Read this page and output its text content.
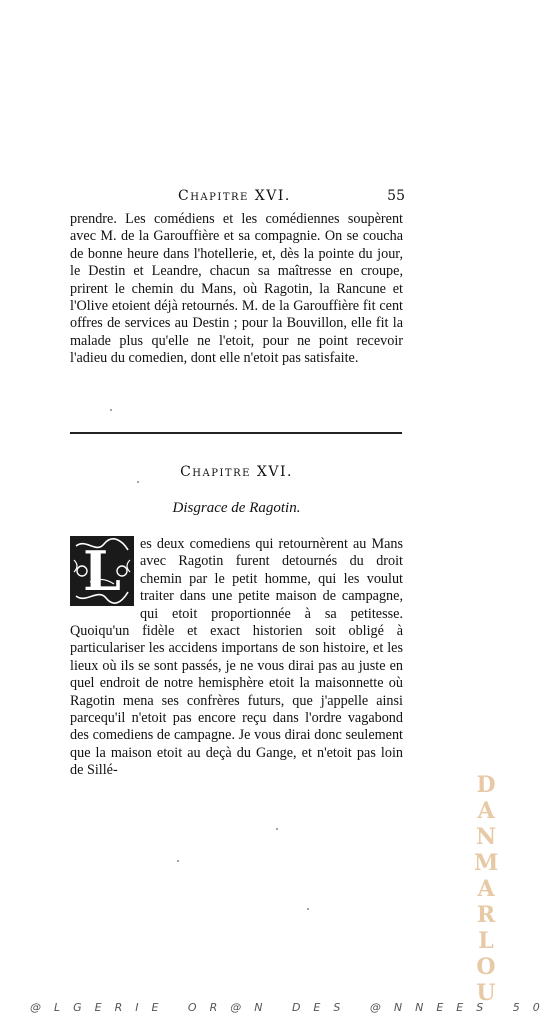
Chapitre XVI.	55

prendre. Les comédiens et les comédiennes soupèrent avec M. de la Garouffière et sa compagnie. On se coucha de bonne heure dans l'hotellerie, et, dès la pointe du jour, le Destin et Leandre, chacun sa maîtresse en croupe, prirent le chemin du Mans, où Ragotin, la Rancune et l'Olive etoient déjà retournés. M. de la Garouffière fit cent offres de services au Destin ; pour la Bouvillon, elle fit la malade plus qu'elle ne l'etoit, pour ne point recevoir l'adieu du comedien, dont elle n'etoit pas satisfaite.

Chapitre XVI.
Disgrace de Ragotin.
L	es deux comediens qui retournèrent au Mans avec Ragotin furent detournés du droit chemin par le petit homme, qui les voulut traiter dans une petite maison de campagne, qui etoit proportionnée à sa petitesse. Quoiqu'un fidèle et exact historien soit obligé à particulariser les accidens importans de son histoire, et les lieux où ils se sont passés, je ne vous dirai pas au juste en quel endroit de notre hemisphère etoit la maisonnette où Ragotin mena ses confrères futurs, que j'appelle ainsi parcequ'il n'etoit pas encore reçu dans l'ordre vagabond des comediens de campagne. Je vous dirai donc seulement que la maison etoit au deçà du Gange, et n'etoit pas loin de Sillé-

DANMARLOU
@LGERIE OR@N DES @NNEES 50
